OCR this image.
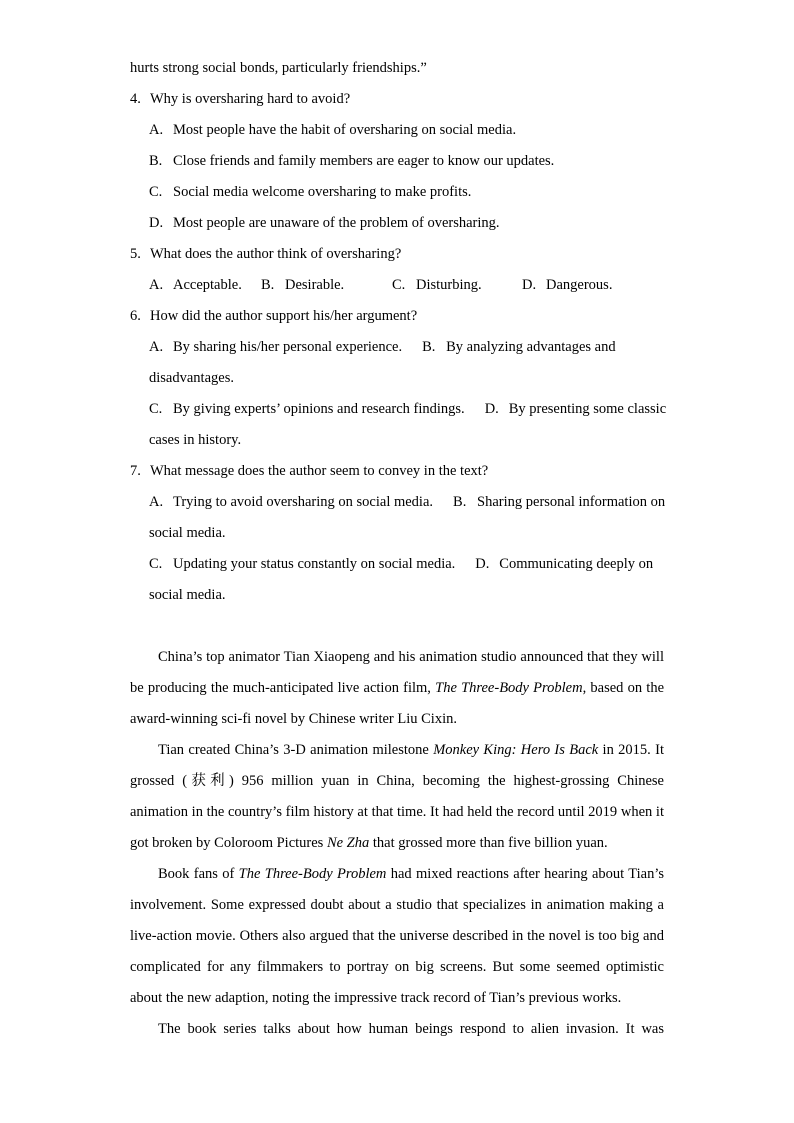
hurts strong social bonds, particularly friendships.”

4. Why is oversharing hard to avoid?

A. Most people have the habit of oversharing on social media.

B. Close friends and family members are eager to know our updates.

C. Social media welcome oversharing to make profits.

D. Most people are unaware of the problem of oversharing.

5. What does the author think of oversharing?

A. Acceptable. B. Desirable.	C. Disturbing.	D. Dangerous.

6. How did the author support his/her argument?

A. By sharing his/her personal experience. B. By analyzing advantages and

disadvantages.

C. By giving experts’ opinions and research findings. D. By presenting some classic

cases in history.

7. What message does the author seem to convey in the text?

A. Trying to avoid oversharing on social media. B. Sharing personal information on

social media.

C. Updating your status constantly on social media. D. Communicating deeply on

social media.

China’s top animator Tian Xiaopeng and his animation studio announced that they will be producing the much-anticipated live action film, The Three-Body Problem, based on the award-winning sci-fi novel by Chinese writer Liu Cixin.

Tian created China’s 3-D animation milestone Monkey King: Hero Is Back in 2015. It grossed (获利) 956 million yuan in China, becoming the highest-grossing Chinese animation in the country’s film history at that time. It had held the record until 2019 when it got broken by Coloroom Pictures Ne Zha that grossed more than five billion yuan.

Book fans of The Three-Body Problem had mixed reactions after hearing about Tian’s involvement. Some expressed doubt about a studio that specializes in animation making a live-action movie. Others also argued that the universe described in the novel is too big and complicated for any filmmakers to portray on big screens. But some seemed optimistic about the new adaption, noting the impressive track record of Tian’s previous works.

The book series talks about how human beings respond to alien invasion. It was
